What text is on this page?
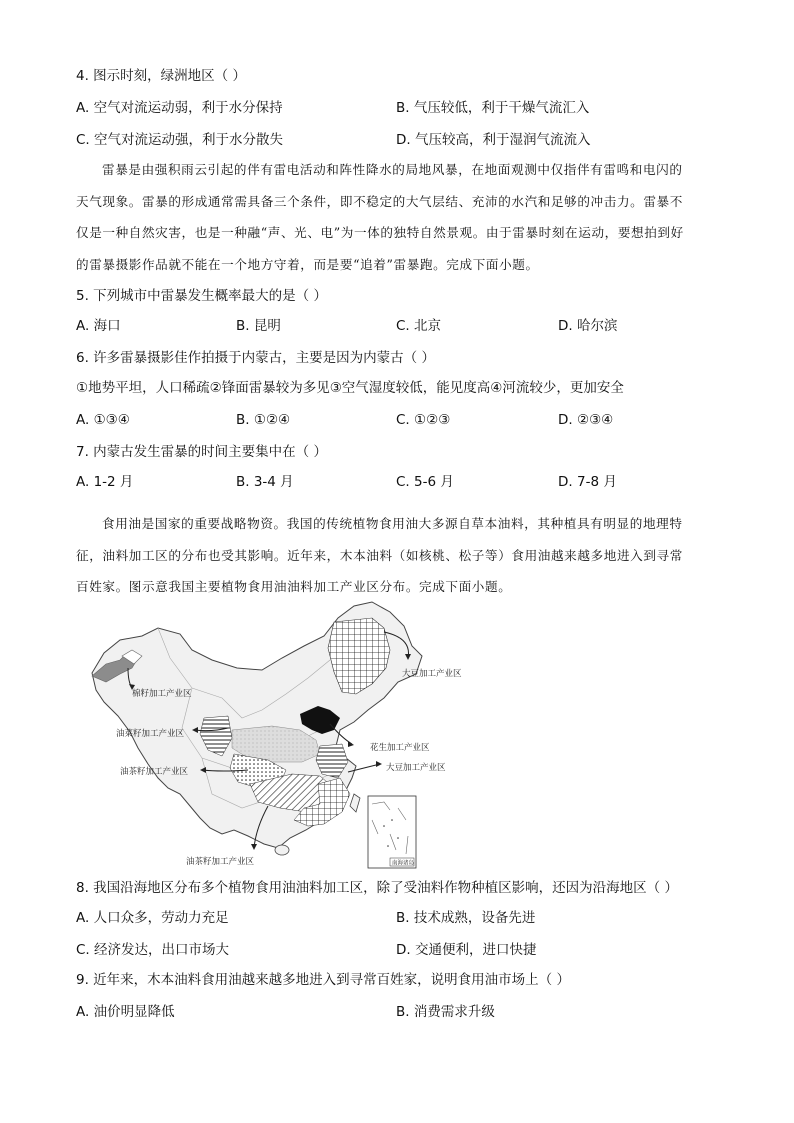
4. 图示时刻，绿洲地区（ ）
A. 空气对流运动弱，利于水分保持	B. 气压较低，利于干燥气流汇入
C. 空气对流运动强，利于水分散失	D. 气压较高，利于湿润气流流入
雷暴是由强积雨云引起的伴有雷电活动和阵性降水的局地风暴，在地面观测中仅指伴有雷鸣和电闪的
天气现象。雷暴的形成通常需具备三个条件，即不稳定的大气层结、充沛的水汽和足够的冲击力。雷暴不
仅是一种自然灾害，也是一种融“声、光、电”为一体的独特自然景观。由于雷暴时刻在运动，要想拍到好
的雷暴摄影作品就不能在一个地方守着，而是要“追着”雷暴跑。完成下面小题。
5. 下列城市中雷暴发生概率最大的是（ ）
A. 海口	B. 昆明	C. 北京	D. 哈尔滨
6. 许多雷暴摄影佳作拍摄于内蒙古，主要是因为内蒙古（ ）
①地势平坦，人口稀疏②锋面雷暴较为多见③空气湿度较低，能见度高④河流较少，更加安全
A. ①③④	B. ①②④	C. ①②③	D. ②③④
7. 内蒙古发生雷暴的时间主要集中在（ ）
A. 1-2 月	B. 3-4 月	C. 5-6 月	D. 7-8 月
食用油是国家的重要战略物资。我国的传统植物食用油大多源自草本油料，其种植具有明显的地理特
征，油料加工区的分布也受其影响。近年来，木本油料（如核桃、松子等）食用油越来越多地进入到寻常
百姓家。图示意我国主要植物食用油油料加工产业区分布。完成下面小题。
棉籽加工产业区
大豆加工产业区
油菜籽加工产业区
花生加工产业区
油茶籽加工产业区	大豆加工产业区
油茶籽加工产业区	南海诸岛
8. 我国沿海地区分布多个植物食用油油料加工区，除了受油料作物种植区影响，还因为沿海地区（ ）
A. 人口众多，劳动力充足	B. 技术成熟，设备先进
C. 经济发达，出口市场大	D. 交通便利，进口快捷
9. 近年来，木本油料食用油越来越多地进入到寻常百姓家，说明食用油市场上（ ）
A. 油价明显降低	B. 消费需求升级
